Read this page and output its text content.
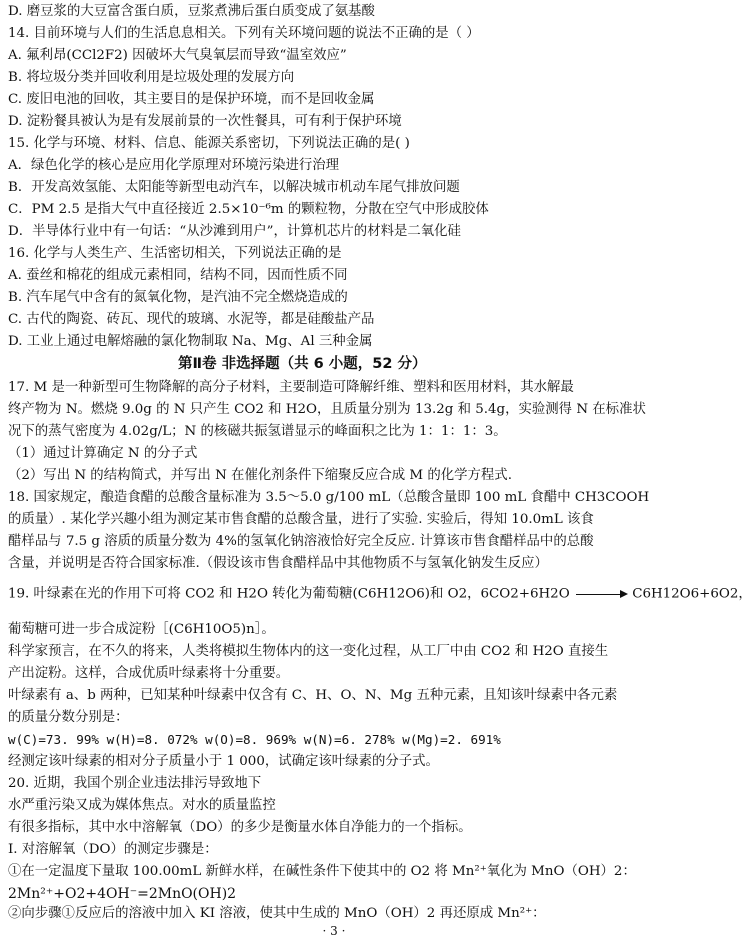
D. 磨豆浆的大豆富含蛋白质，豆浆煮沸后蛋白质变成了氨基酸
14. 目前环境与人们的生活息息相关。下列有关环境问题的说法不正确的是（ ）
A. 氟利昂(CCl2F2) 因破坏大气臭氧层而导致“温室效应”
B. 将垃圾分类并回收利用是垃圾处理的发展方向
C. 废旧电池的回收，其主要目的是保护环境，而不是回收金属
D. 淀粉餐具被认为是有发展前景的一次性餐具，可有利于保护环境
15. 化学与环境、材料、信息、能源关系密切，下列说法正确的是( )
A．绿色化学的核心是应用化学原理对环境污染进行治理
B．开发高效氢能、太阳能等新型电动汽车，以解决城市机动车尾气排放问题
C．PM 2.5 是指大气中直径接近 2.5×10⁻⁶m 的颗粒物，分散在空气中形成胶体
D．半导体行业中有一句话：“从沙滩到用户”，计算机芯片的材料是二氧化硅
16. 化学与人类生产、生活密切相关，下列说法正确的是
A. 蚕丝和棉花的组成元素相同，结构不同，因而性质不同
B. 汽车尾气中含有的氮氧化物，是汽油不完全燃烧造成的
C. 古代的陶瓷、砖瓦、现代的玻璃、水泥等，都是硅酸盐产品
D. 工业上通过电解熔融的氯化物制取 Na、Mg、Al 三种金属
第Ⅱ卷 非选择题（共 6 小题，52 分）
17. M 是一种新型可生物降解的高分子材料，主要制造可降解纤维、塑料和医用材料，其水解最
终产物为 N。燃烧 9.0g 的 N 只产生 CO2 和 H2O，且质量分别为 13.2g 和 5.4g，实验测得 N 在标准状
况下的蒸气密度为 4.02g/L；N 的核磁共振氢谱显示的峰面积之比为 1：1：1：3。
（1）通过计算确定 N 的分子式
（2）写出 N 的结构简式，并写出 N 在催化剂条件下缩聚反应合成 M 的化学方程式.
18. 国家规定，酿造食醋的总酸含量标准为 3.5～5.0 g/100 mL（总酸含量即 100 mL 食醋中 CH3COOH
的质量）. 某化学兴趣小组为测定某市售食醋的总酸含量，进行了实验. 实验后，得知 10.0mL 该食
醋样品与 7.5 g 溶质的质量分数为 4%的氢氧化钠溶液恰好完全反应. 计算该市售食醋样品中的总酸
含量，并说明是否符合国家标准.（假设该市售食醋样品中其他物质不与氢氧化钠发生反应）
19. 叶绿素在光的作用下可将 CO2 和 H2O 转化为葡萄糖(C6H12O6)和 O2，6CO2+6H2O	C6H12O6+6O2，
葡萄糖可进一步合成淀粉［(C6H10O5)n］。
科学家预言，在不久的将来，人类将模拟生物体内的这一变化过程，从工厂中由 CO2 和 H2O 直接生
产出淀粉。这样，合成优质叶绿素将十分重要。
叶绿素有 a、b 两种，已知某种叶绿素中仅含有 C、H、O、N、Mg 五种元素，且知该叶绿素中各元素
的质量分数分别是：
w(C)=73. 99% w(H)=8. 072% w(O)=8. 969% w(N)=6. 278% w(Mg)=2. 691%
经测定该叶绿素的相对分子质量小于 1 000，试确定该叶绿素的分子式。
20. 近期，我国个别企业违法排污导致地下
水严重污染又成为媒体焦点。对水的质量监控
有很多指标，其中水中溶解氧（DO）的多少是衡量水体自净能力的一个指标。
I. 对溶解氧（DO）的测定步骤是：
①在一定温度下量取 100.00mL 新鲜水样，在碱性条件下使其中的 O2 将 Mn²⁺氧化为 MnO（OH）2：
2Mn²⁺+O2+4OH⁻=2MnO(OH)2
②向步骤①反应后的溶液中加入 KI 溶液，使其中生成的 MnO（OH）2 再还原成 Mn²⁺：
· 3 ·
